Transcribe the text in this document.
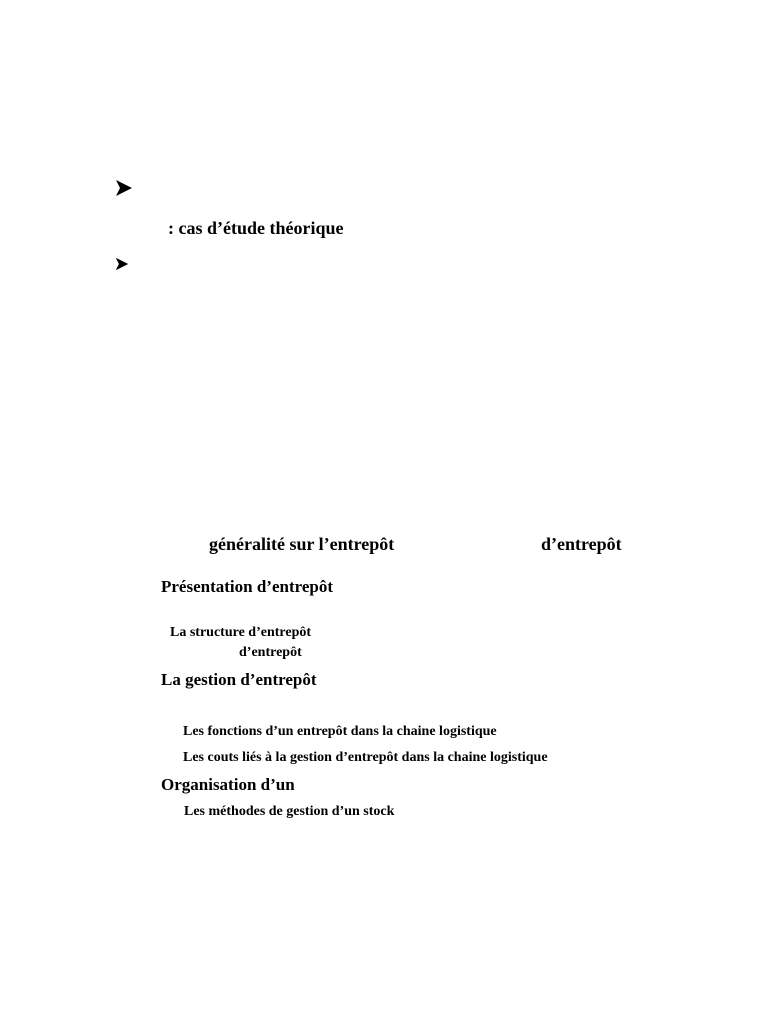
: cas d’étude théorique
généralité sur l’entrepôt	d’entrepôt
Présentation d’entrepôt
La structure d’entrepôt
d’entrepôt
La gestion d’entrepôt
Les fonctions d’un entrepôt dans la chaine logistique
Les couts liés à la gestion d’entrepôt dans la chaine logistique
Organisation d’un
Les méthodes de gestion d’un stock
